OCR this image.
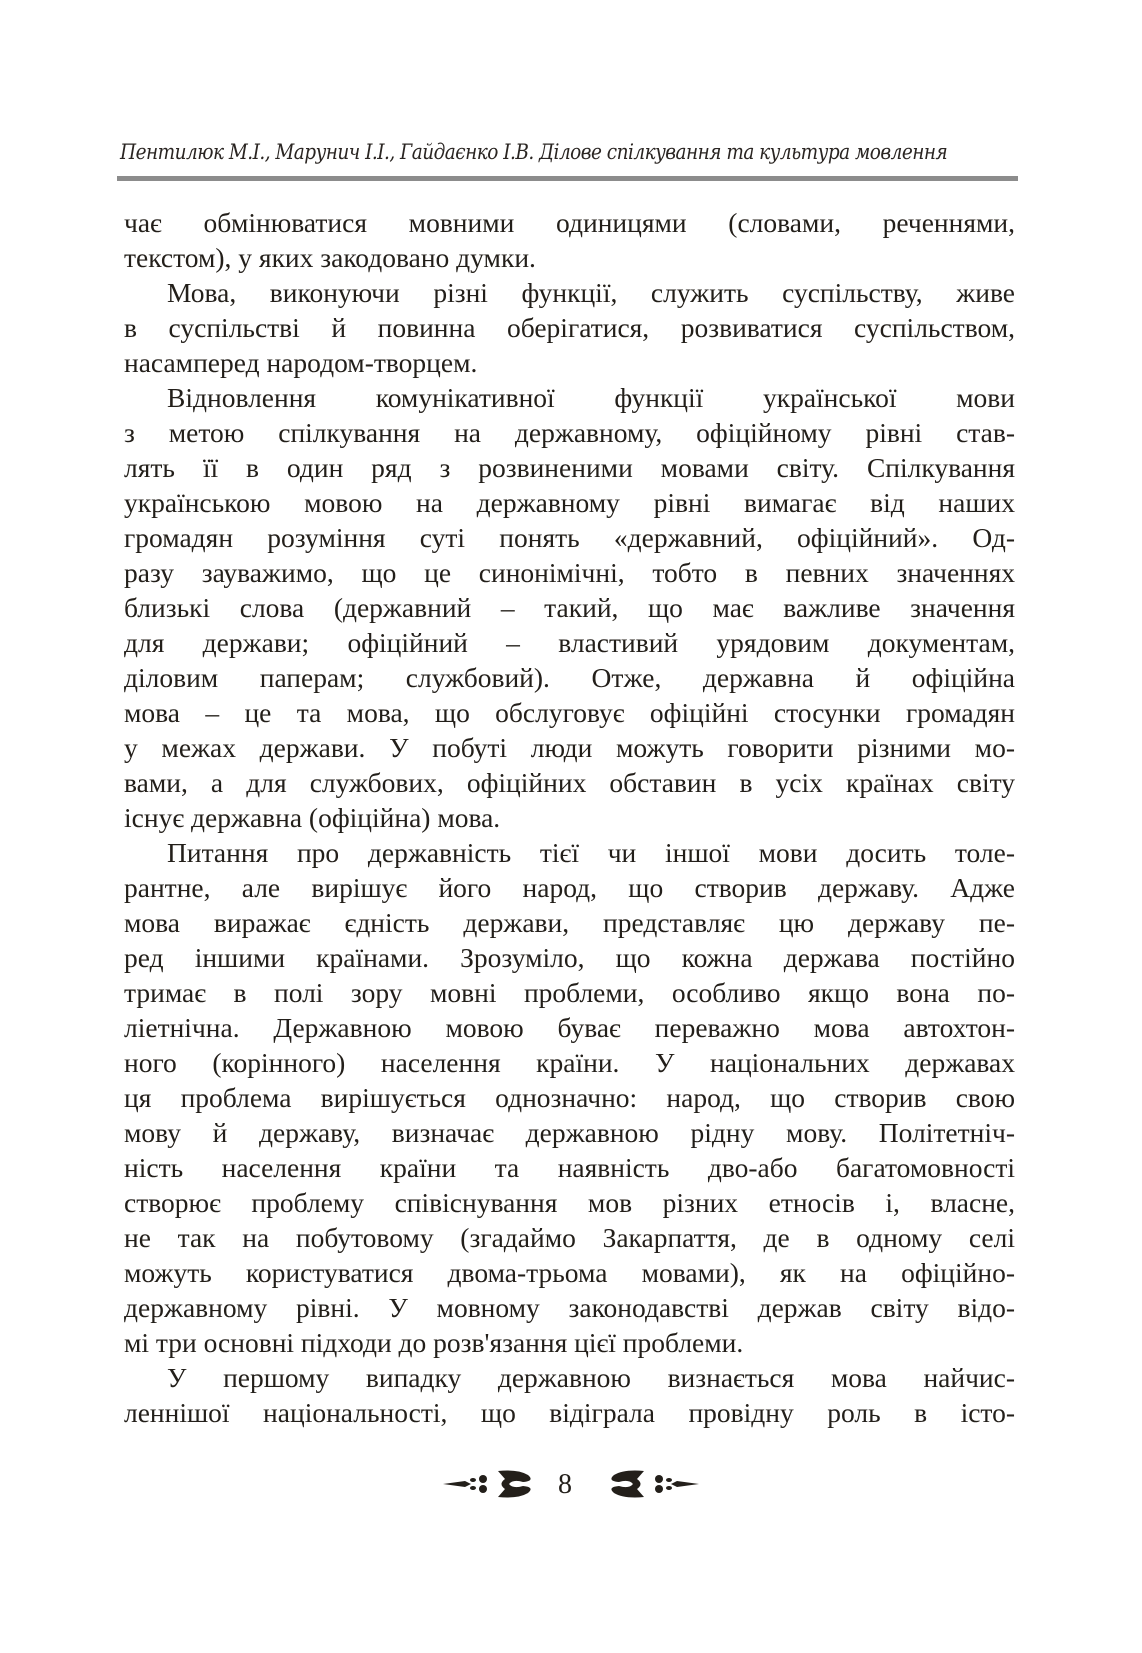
Пентилюк М.І., Марунич І.І., Гайдаєнко І.В. Ділове спілкування та культура мовлення
чає обмінюватися мовними одиницями (словами, реченнями,
текстом), у яких закодовано думки.
Мова, виконуючи різні функції, служить суспільству, живе
в суспільстві й повинна оберігатися, розвиватися суспільством,
насамперед народом-творцем.
Відновлення комунікативної функції української мови
з метою спілкування на державному, офіційному рівні став-
лять її в один ряд з розвиненими мовами світу. Спілкування
українською мовою на державному рівні вимагає від наших
громадян розуміння суті понять «державний, офіційний». Од-
разу зауважимо, що це синонімічні, тобто в певних значеннях
близькі слова (державний – такий, що має важливе значення
для держави; офіційний – властивий урядовим документам,
діловим паперам; службовий). Отже, державна й офіційна
мова – це та мова, що обслуговує офіційні стосунки громадян
у межах держави. У побуті люди можуть говорити різними мо-
вами, а для службових, офіційних обставин в усіх країнах світу
існує державна (офіційна) мова.
Питання про державність тієї чи іншої мови досить толе-
рантне, але вирішує його народ, що створив державу. Адже
мова виражає єдність держави, представляє цю державу пе-
ред іншими країнами. Зрозуміло, що кожна держава постійно
тримає в полі зору мовні проблеми, особливо якщо вона по-
ліетнічна. Державною мовою буває переважно мова автохтон-
ного (корінного) населення країни. У національних державах
ця проблема вирішується однозначно: народ, що створив свою
мову й державу, визначає державною рідну мову. Політетніч-
ність населення країни та наявність дво-або багатомовності
створює проблему співіснування мов різних етносів і, власне,
не так на побутовому (згадаймо Закарпаття, де в одному селі
можуть користуватися двома-трьома мовами), як на офіційно-
державному рівні. У мовному законодавстві держав світу відо-
мі три основні підходи до розв'язання цієї проблеми.
У першому випадку державною визнається мова найчис-
леннішої національності, що відіграла провідну роль в істо-
8
